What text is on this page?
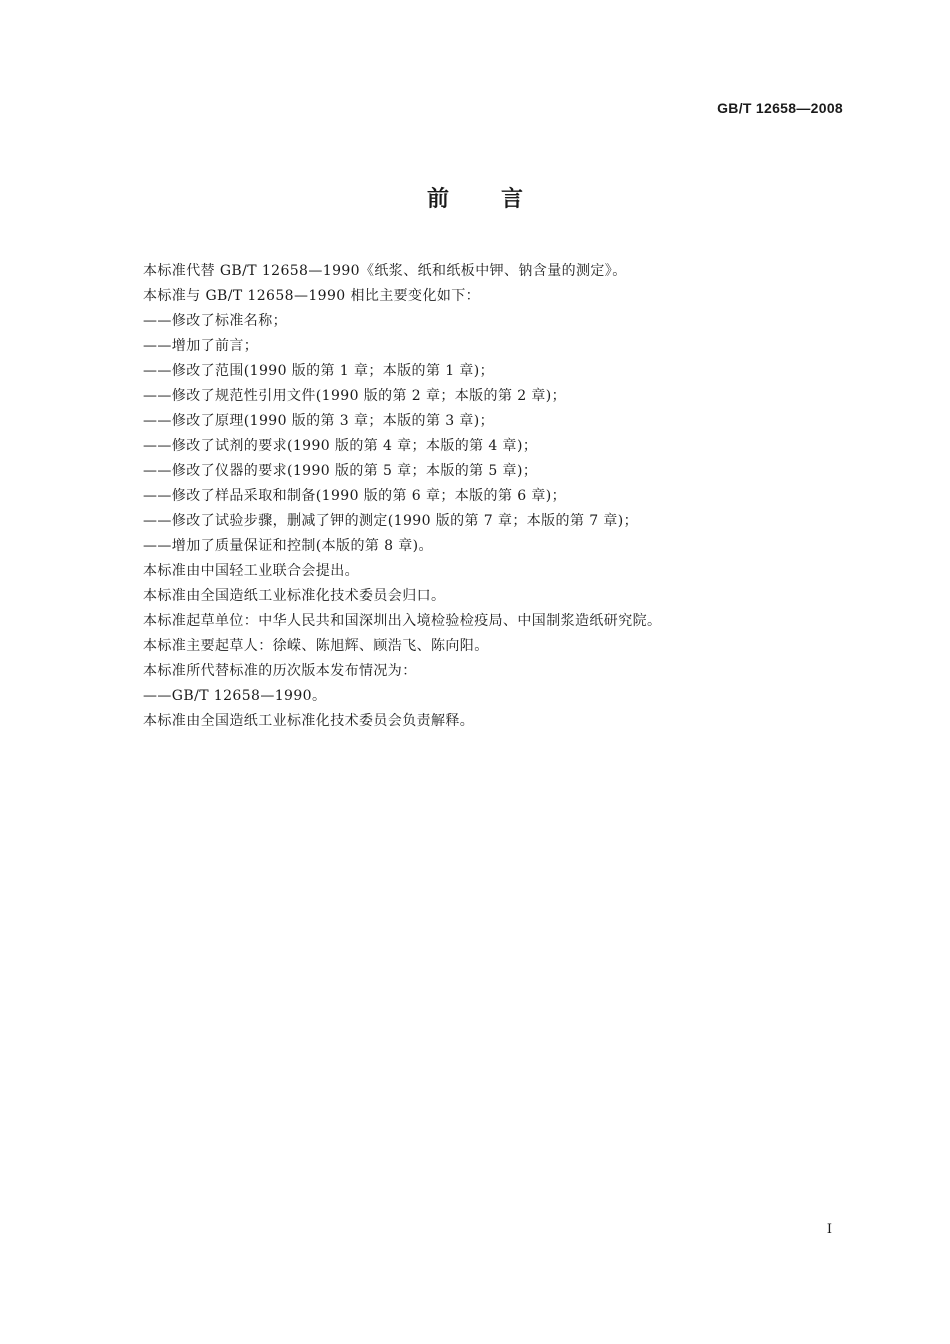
GB/T 12658—2008
前言
本标准代替 GB/T 12658—1990《纸浆、纸和纸板中钾、钠含量的测定》。
本标准与 GB/T 12658—1990 相比主要变化如下：
——修改了标准名称；
——增加了前言；
——修改了范围(1990 版的第 1 章；本版的第 1 章)；
——修改了规范性引用文件(1990 版的第 2 章；本版的第 2 章)；
——修改了原理(1990 版的第 3 章；本版的第 3 章)；
——修改了试剂的要求(1990 版的第 4 章；本版的第 4 章)；
——修改了仪器的要求(1990 版的第 5 章；本版的第 5 章)；
——修改了样品采取和制备(1990 版的第 6 章；本版的第 6 章)；
——修改了试验步骤，删减了钾的测定(1990 版的第 7 章；本版的第 7 章)；
——增加了质量保证和控制(本版的第 8 章)。
本标准由中国轻工业联合会提出。
本标准由全国造纸工业标准化技术委员会归口。
本标准起草单位：中华人民共和国深圳出入境检验检疫局、中国制浆造纸研究院。
本标准主要起草人：徐嵘、陈旭辉、顾浩飞、陈向阳。
本标准所代替标准的历次版本发布情况为：
——GB/T 12658—1990。
本标准由全国造纸工业标准化技术委员会负责解释。
I
